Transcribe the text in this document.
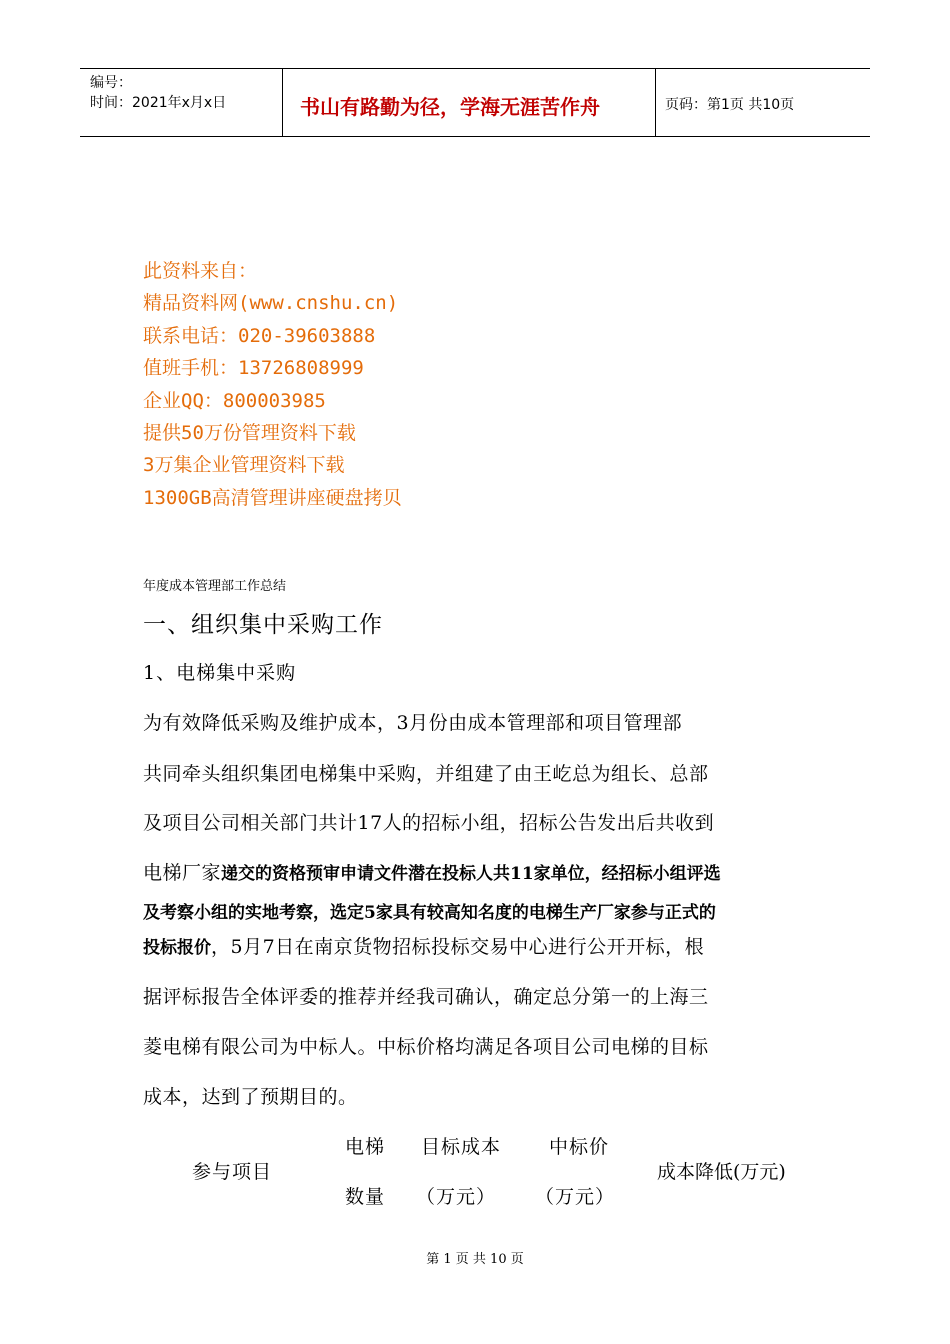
编号：
时间：2021年x月x日	书山有路勤为径，学海无涯苦作舟	页码：第1页 共10页
此资料来自：
精品资料网(www.cnshu.cn)
联系电话：020-39603888
值班手机：13726808999
企业QQ：800003985
提供50万份管理资料下载
3万集企业管理资料下载
1300GB高清管理讲座硬盘拷贝
年度成本管理部工作总结
一、组织集中采购工作
1、电梯集中采购
为有效降低采购及维护成本，3月份由成本管理部和项目管理部
共同牵头组织集团电梯集中采购，并组建了由王屹总为组长、总部
及项目公司相关部门共计17人的招标小组，招标公告发出后共收到
电梯厂家递交的资格预审申请文件潜在投标人共11家单位，经招标小组评选
及考察小组的实地考察，选定5家具有较高知名度的电梯生产厂家参与正式的
投标报价，5月7日在南京货物招标投标交易中心进行公开开标，根
据评标报告全体评委的推荐并经我司确认，确定总分第一的上海三
菱电梯有限公司为中标人。中标价格均满足各项目公司电梯的目标
成本，达到了预期目的。
参与项目
电梯
数量
目标成本
（万元）
中标价
（万元）
成本降低(万元)
第 1 页 共 10 页
